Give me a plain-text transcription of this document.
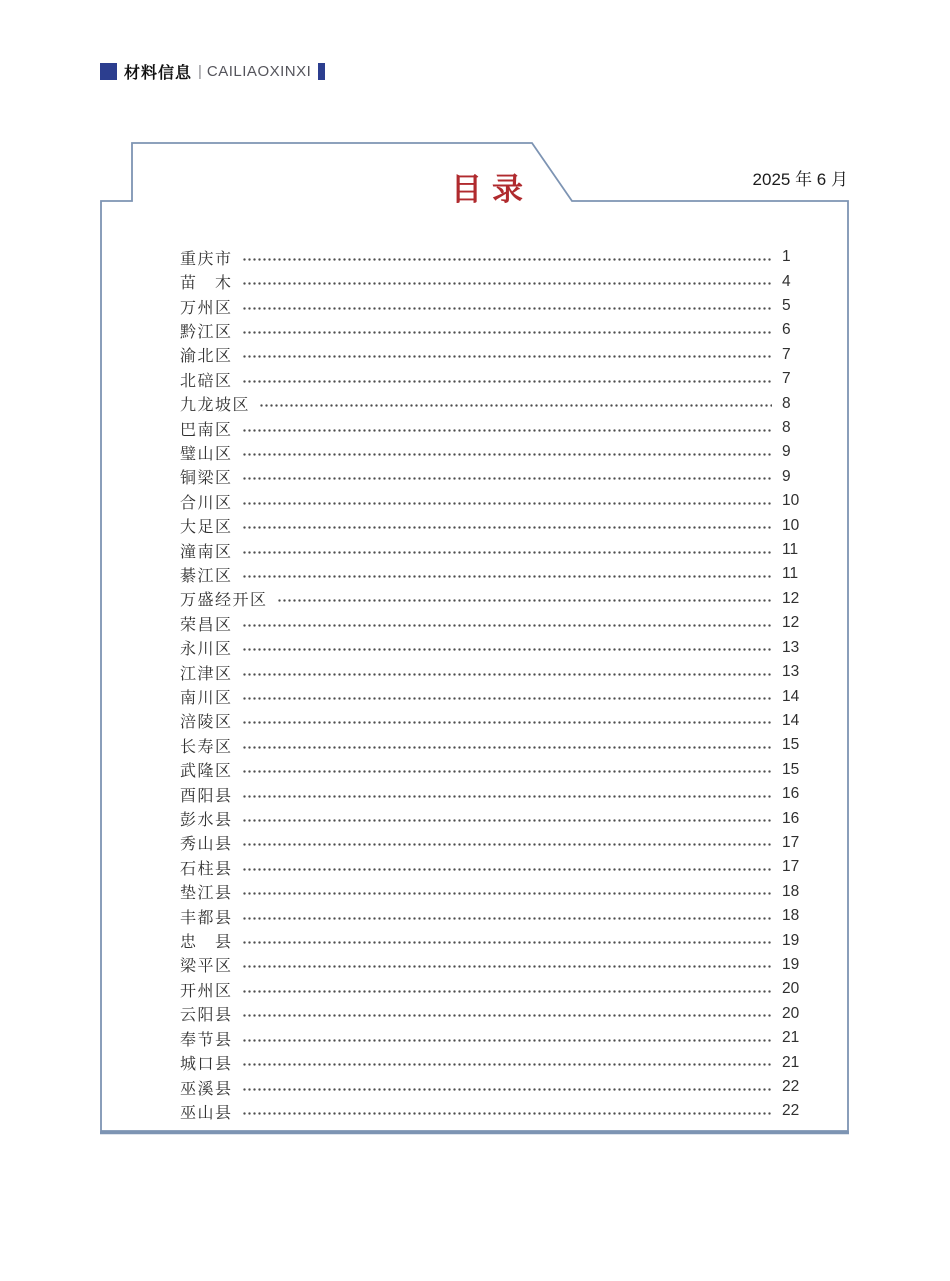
材料信息 | CAILIAOXINXI
目录	2025 年 6 月
重庆市	1
苗　木	4
万州区	5
黔江区	6
渝北区	7
北碚区	7
九龙坡区	8
巴南区	8
璧山区	9
铜梁区	9
合川区	10
大足区	10
潼南区	11
綦江区	11
万盛经开区	12
荣昌区	12
永川区	13
江津区	13
南川区	14
涪陵区	14
长寿区	15
武隆区	15
酉阳县	16
彭水县	16
秀山县	17
石柱县	17
垫江县	18
丰都县	18
忠　县	19
梁平区	19
开州区	20
云阳县	20
奉节县	21
城口县	21
巫溪县	22
巫山县	22
